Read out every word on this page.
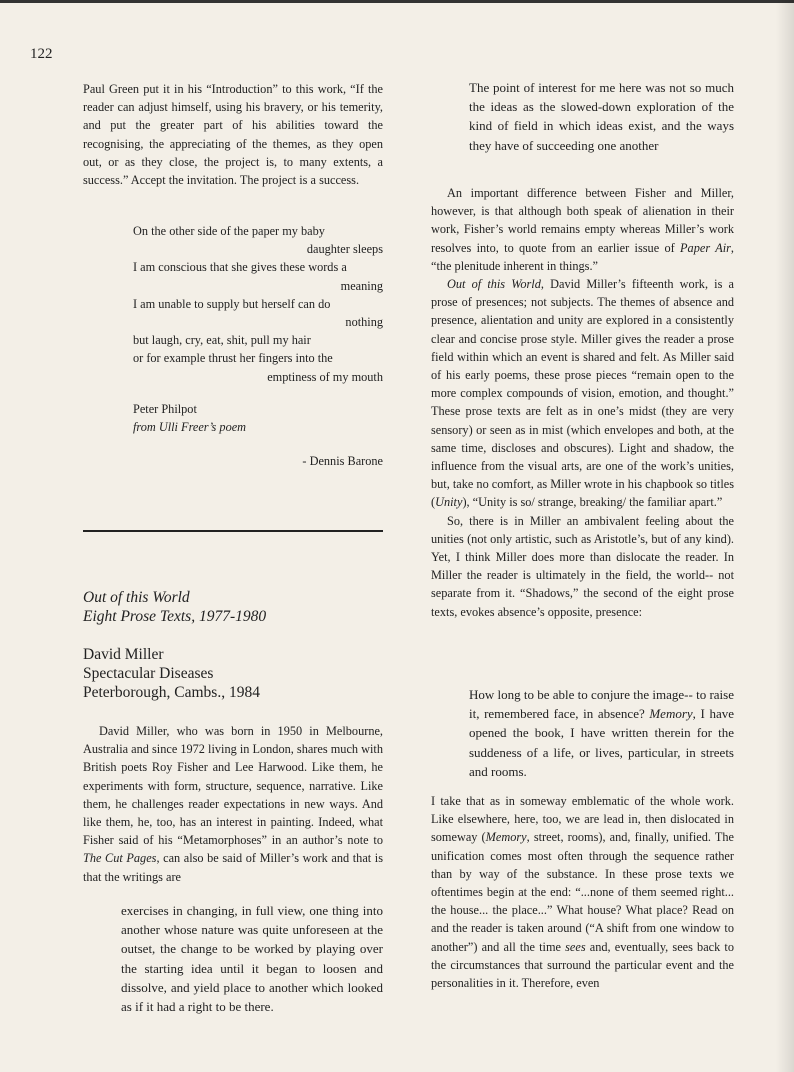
122

Paul Green put it in his “Introduction” to this work, “If the reader can adjust himself, using his bravery, or his temerity, and put the greater part of his abilities toward the recognising, the appreciating of the themes, as they open out, or as they close, the project is, to many extents, a success.” Accept the invitation. The project is a success.

On the other side of the paper my baby
daughter sleeps
I am conscious that she gives these words a
meaning
I am unable to supply but herself can do
nothing
but laugh, cry, eat, shit, pull my hair
or for example thrust her fingers into the
emptiness of my mouth
Peter Philpot
from Ulli Freer’s poem
- Dennis Barone
Out of this World
Eight Prose Texts, 1977-1980
David Miller
Spectacular Diseases
Peterborough, Cambs., 1984

David Miller, who was born in 1950 in Melbourne, Australia and since 1972 living in London, shares much with British poets Roy Fisher and Lee Harwood. Like them, he experiments with form, structure, sequence, narrative. Like them, he challenges reader expectations in new ways. And like them, he, too, has an interest in painting. Indeed, what Fisher said of his “Metamorphoses” in an author’s note to The Cut Pages, can also be said of Miller’s work and that is that the writings are

exercises in changing, in full view, one thing into another whose nature was quite unforeseen at the outset, the change to be worked by playing over the starting idea until it began to loosen and dissolve, and yield place to another which looked as if it had a right to be there.

The point of interest for me here was not so much the ideas as the slowed-down exploration of the kind of field in which ideas exist, and the ways they have of succeeding one another

An important difference between Fisher and Miller, however, is that although both speak of alienation in their work, Fisher’s world remains empty whereas Miller’s work resolves into, to quote from an earlier issue of Paper Air, “the plenitude inherent in things.”

Out of this World, David Miller’s fifteenth work, is a prose of presences; not subjects. The themes of absence and presence, alientation and unity are explored in a consistently clear and concise prose style. Miller gives the reader a prose field within which an event is shared and felt. As Miller said of his early poems, these prose pieces “remain open to the more complex compounds of vision, emotion, and thought.” These prose texts are felt as in one’s midst (they are very sensory) or seen as in mist (which envelopes and both, at the same time, discloses and obscures). Light and shadow, the influence from the visual arts, are one of the work’s unities, but, take no comfort, as Miller wrote in his chapbook so titles (Unity), “Unity is so/ strange, breaking/ the familiar apart.”

So, there is in Miller an ambivalent feeling about the unities (not only artistic, such as Aristotle’s, but of any kind). Yet, I think Miller does more than dislocate the reader. In Miller the reader is ultimately in the field, the world-- not separate from it. “Shadows,” the second of the eight prose texts, evokes absence’s opposite, presence:

How long to be able to conjure the image-- to raise it, remembered face, in absence? Memory, I have opened the book, I have written therein for the suddeness of a life, or lives, particular, in streets and rooms.

I take that as in someway emblematic of the whole work. Like elsewhere, here, too, we are lead in, then dislocated in someway (Memory, street, rooms), and, finally, unified. The unification comes most often through the sequence rather than by way of the substance. In these prose texts we oftentimes begin at the end: “...none of them seemed right... the house... the place...” What house? What place? Read on and the reader is taken around (“A shift from one window to another”) and all the time sees and, eventually, sees back to the circumstances that surround the particular event and the personalities in it. Therefore, even
